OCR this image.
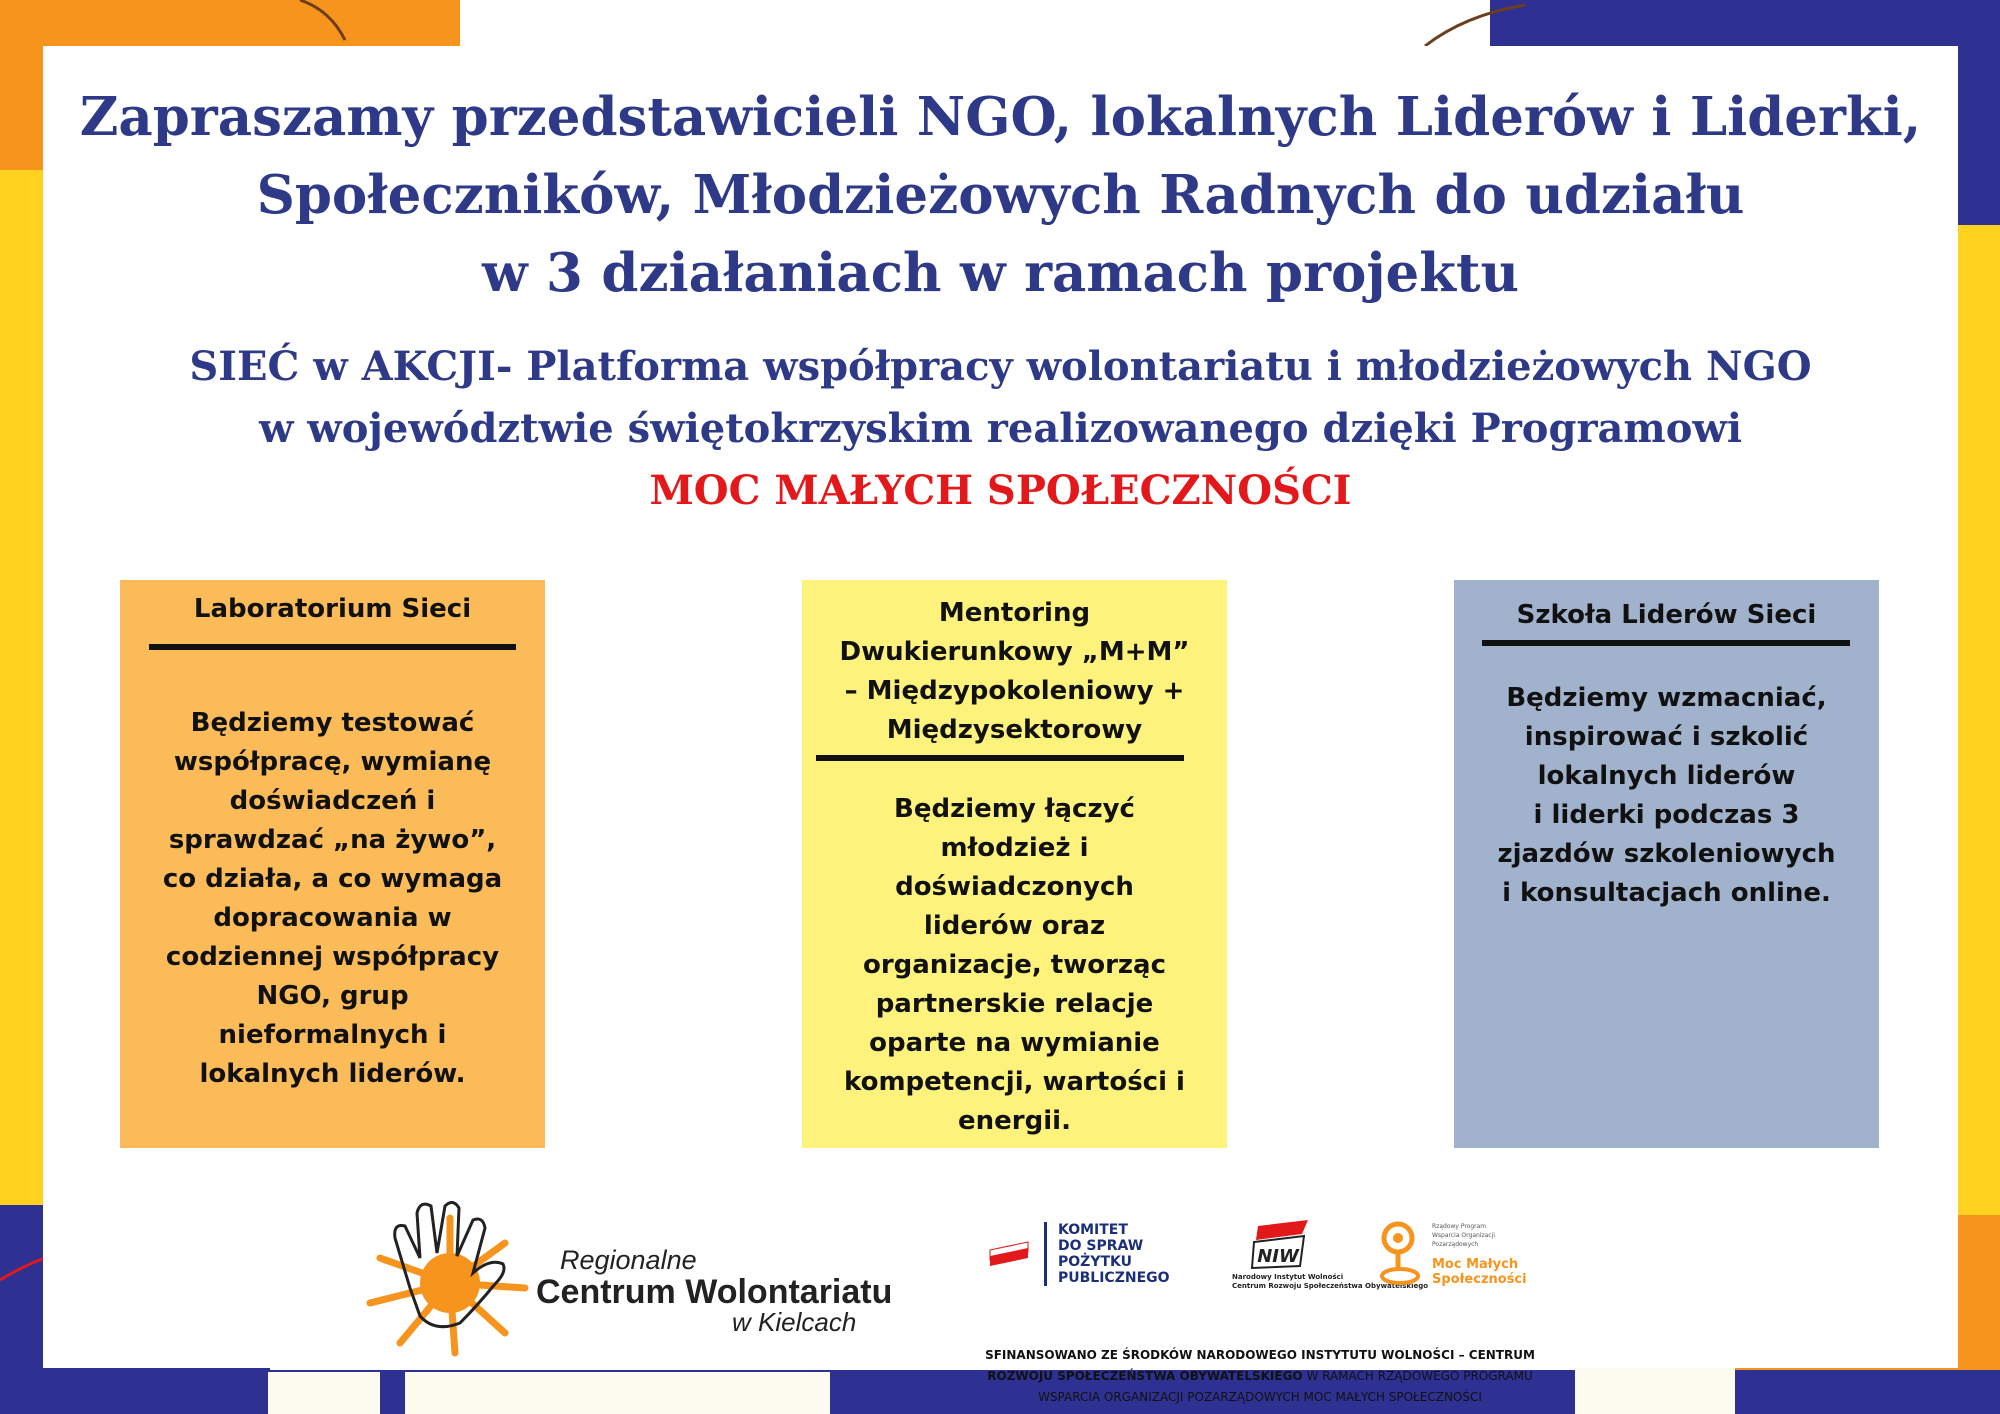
Zapraszamy przedstawicieli NGO, lokalnych Liderów i Liderki,
Społeczników, Młodzieżowych Radnych do udziału
w 3 działaniach w ramach projektu
SIEĆ w AKCJI- Platforma współpracy wolontariatu i młodzieżowych NGO
w województwie świętokrzyskim realizowanego dzięki Programowi
MOC MAŁYCH SPOŁECZNOŚCI
Laboratorium Sieci
Będziemy testować
współpracę, wymianę
doświadczeń i
sprawdzać „na żywo”,
co działa, a co wymaga
dopracowania w
codziennej współpracy
NGO, grup
nieformalnych i
lokalnych liderów.
Mentoring
Dwukierunkowy „M+M”
– Międzypokoleniowy +
Międzysektorowy
Będziemy łączyć
młodzież i
doświadczonych
liderów oraz
organizacje, tworząc
partnerskie relacje
oparte na wymianie
kompetencji, wartości i
energii.
Szkoła Liderów Sieci
Będziemy wzmacniać,
inspirować i szkolić
lokalnych liderów
i liderki podczas 3
zjazdów szkoleniowych
i konsultacjach online.
Regionalne
Centrum Wolontariatu
w Kielcach
KOMITET
DO SPRAW
POŻYTKU
PUBLICZNEGO
NIW
Narodowy Instytut Wolności
Centrum Rozwoju Społeczeństwa Obywatelskiego
Rządowy Program
Wsparcia Organizacji
Pozarządowych
Moc Małych
Społeczności
SFINANSOWANO ZE ŚRODKÓW NARODOWEGO INSTYTUTU WOLNOŚCI – CENTRUM
ROZWOJU SPOŁECZEŃSTWA OBYWATELSKIEGO W RAMACH RZĄDOWEGO PROGRAMU
WSPARCIA ORGANIZACJI POZARZĄDOWYCH MOC MAŁYCH SPOŁECZNOŚCI
